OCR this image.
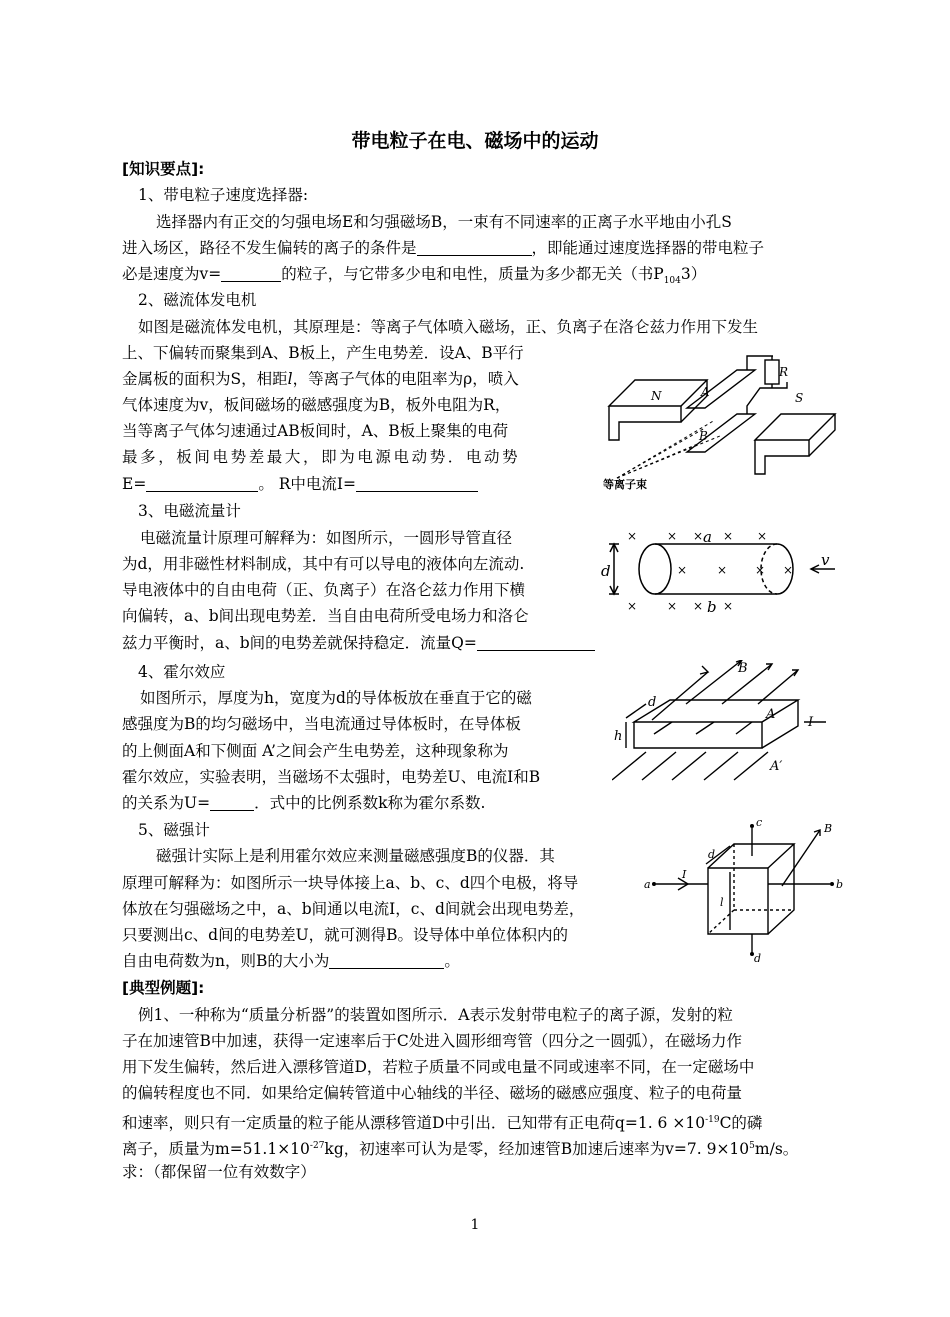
带电粒子在电、磁场中的运动
[知识要点]:
1、带电粒子速度选择器:
选择器内有正交的匀强电场E和匀强磁场B，一束有不同速率的正离子水平地由小孔S
进入场区，路径不发生偏转的离子的条件是	，即能通过速度选择器的带电粒子
必是速度为v=	的粒子，与它带多少电和电性，质量为多少都无关（书$P_{104}3$）
2、磁流体发电机
如图是磁流体发电机，其原理是：等离子气体喷入磁场，正、负离子在洛仑兹力作用下发生
上、下偏转而聚集到A、B板上，产生电势差．设A、B平行
金属板的面积为S，相距l，等离子气体的电阻率为ρ，喷入
气体速度为v，板间磁场的磁感强度为B，板外电阻为R，
当等离子气体匀速通过AB板间时，A、B板上聚集的电荷
最多，板间电势差最大，即为电源电动势．电动势
E=	。 R中电流I=
N	A
B
S
R
等离子束
3、电磁流量计
电磁流量计原理可解释为：如图所示，一圆形导管直径
为d，用非磁性材料制成，其中有可以导电的液体向左流动.
导电液体中的自由电荷（正、负离子）在洛仑兹力作用下横
向偏转，a、b间出现电势差．当自由电荷所受电场力和洛仑
兹力平衡时，a、b间的电势差就保持稳定．流量Q=
× × × × ×
× × × ×
× × × ×
a
b
d
v
4、霍尔效应
如图所示，厚度为h，宽度为d的导体板放在垂直于它的磁
感强度为B的均匀磁场中，当电流通过导体板时，在导体板
的上侧面A和下侧面 A’之间会产生电势差，这种现象称为
霍尔效应，实验表明，当磁场不太强时，电势差U、电流I和B
的关系为U=	．式中的比例系数k称为霍尔系数.
B
d
h
A
A′
I
5、磁强计
磁强计实际上是利用霍尔效应来测量磁感强度B的仪器．其
原理可解释为：如图所示一块导体接上a、b、c、d四个电极，将导
体放在匀强磁场之中，a、b间通以电流I，c、d间就会出现电势差，
只要测出c、d间的电势差U，就可测得B。设导体中单位体积内的
自由电荷数为n，则B的大小为	。
c
d
a	b
B
I
l
d
[典型例题]:
例1、一种称为“质量分析器”的装置如图所示．A表示发射带电粒子的离子源，发射的粒
子在加速管B中加速，获得一定速率后于C处进入圆形细弯管（四分之一圆弧），在磁场力作
用下发生偏转，然后进入漂移管道D，若粒子质量不同或电量不同或速率不同，在一定磁场中
的偏转程度也不同．如果给定偏转管道中心轴线的半径、磁场的磁感应强度、粒子的电荷量
和速率，则只有一定质量的粒子能从漂移管道D中引出．已知带有正电荷q=1. $6 \times 10^{-19}C$的磷
离子，质量为$m=51.1\times 10^{-27}kg$，初速率可认为是零，经加速管B加速后速率为v=7. $9\times 10^5m/s$。
求：（都保留一位有效数字）
1
